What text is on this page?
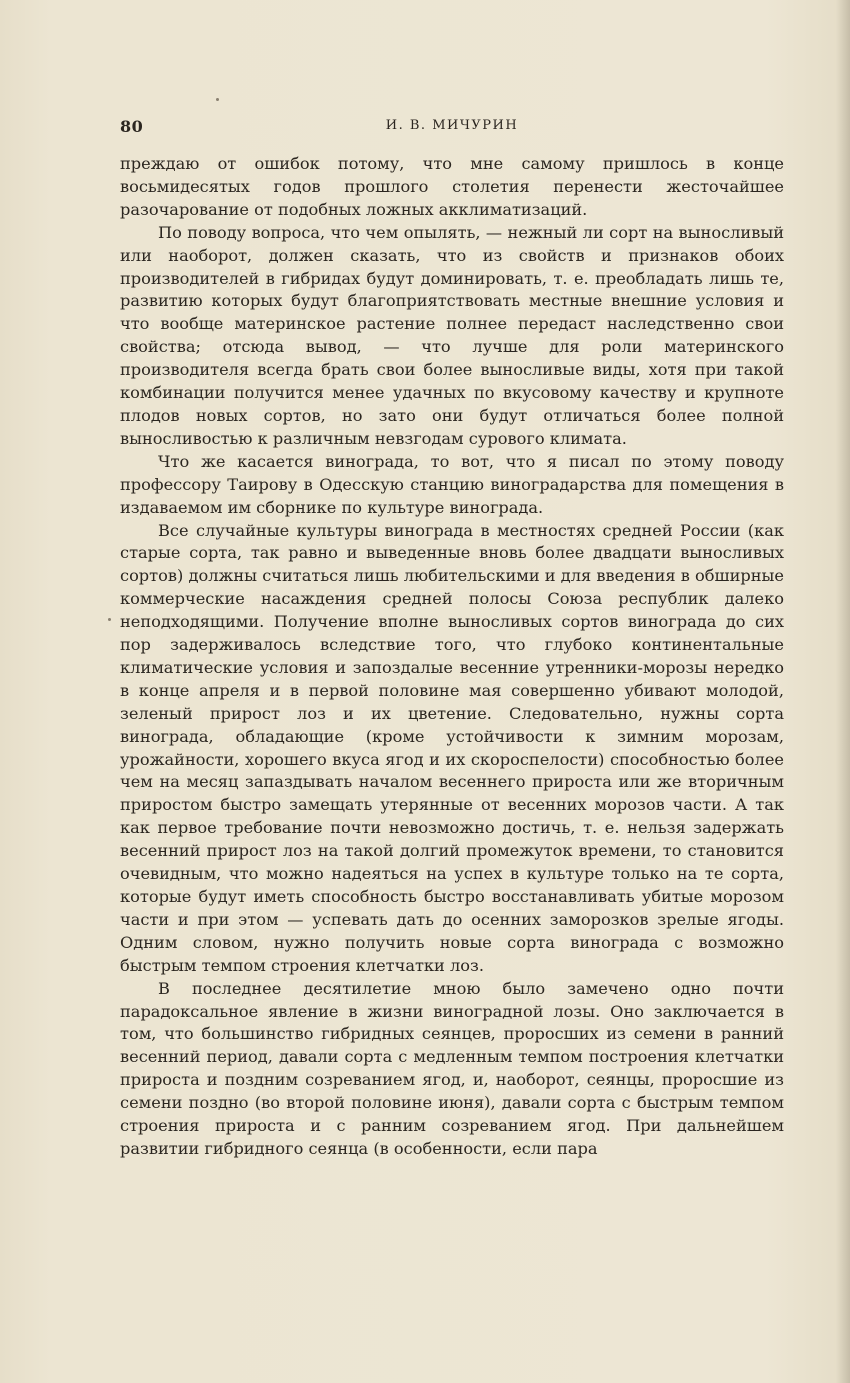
80	И. В. МИЧУРИН

преждаю от ошибок потому, что мне самому пришлось в конце восьмидесятых годов прошлого столетия перенести жесточайшее разочарование от подобных ложных акклиматизаций.

По поводу вопроса, что чем опылять, — нежный ли сорт на выносливый или наоборот, должен сказать, что из свойств и признаков обоих производителей в гибридах будут доминировать, т. е. преобладать лишь те, развитию которых будут благоприятствовать местные внешние условия и что вообще материнское растение полнее передаст наследственно свои свойства; отсюда вывод, — что лучше для роли материнского производителя всегда брать свои более выносливые виды, хотя при такой комбинации получится менее удачных по вкусовому качеству и крупноте плодов новых сортов, но зато они будут отличаться более полной выносливостью к различным невзгодам сурового климата.

Что же касается винограда, то вот, что я писал по этому поводу профессору Таирову в Одесскую станцию виноградарства для помещения в издаваемом им сборнике по культуре винограда.

Все случайные культуры винограда в местностях средней России (как старые сорта, так равно и выведенные вновь более двадцати выносливых сортов) должны считаться лишь любительскими и для введения в обширные коммерческие насаждения средней полосы Союза республик далеко неподходящими. Получение вполне выносливых сортов винограда до сих пор задерживалось вследствие того, что глубоко континентальные климатические условия и запоздалые весенние утренники-морозы нередко в конце апреля и в первой половине мая совершенно убивают молодой, зеленый прирост лоз и их цветение. Следовательно, нужны сорта винограда, обладающие (кроме устойчивости к зимним морозам, урожайности, хорошего вкуса ягод и их скороспелости) способностью более чем на месяц запаздывать началом весеннего прироста или же вторичным приростом быстро замещать утерянные от весенних морозов части. А так как первое требование почти невозможно достичь, т. е. нельзя задержать весенний прирост лоз на такой долгий промежуток времени, то становится очевидным, что можно надеяться на успех в культуре только на те сорта, которые будут иметь способность быстро восстанавливать убитые морозом части и при этом — успевать дать до осенних заморозков зрелые ягоды. Одним словом, нужно получить новые сорта винограда с возможно быстрым темпом строения клетчатки лоз.

В последнее десятилетие мною было замечено одно почти парадоксальное явление в жизни виноградной лозы. Оно заключается в том, что большинство гибридных сеянцев, проросших из семени в ранний весенний период, давали сорта с медленным темпом построения клетчатки прироста и поздним созреванием ягод, и, наоборот, сеянцы, проросшие из семени поздно (во второй половине июня), давали сорта с быстрым темпом строения прироста и с ранним созреванием ягод. При дальнейшем развитии гибридного сеянца (в особенности, если пара
